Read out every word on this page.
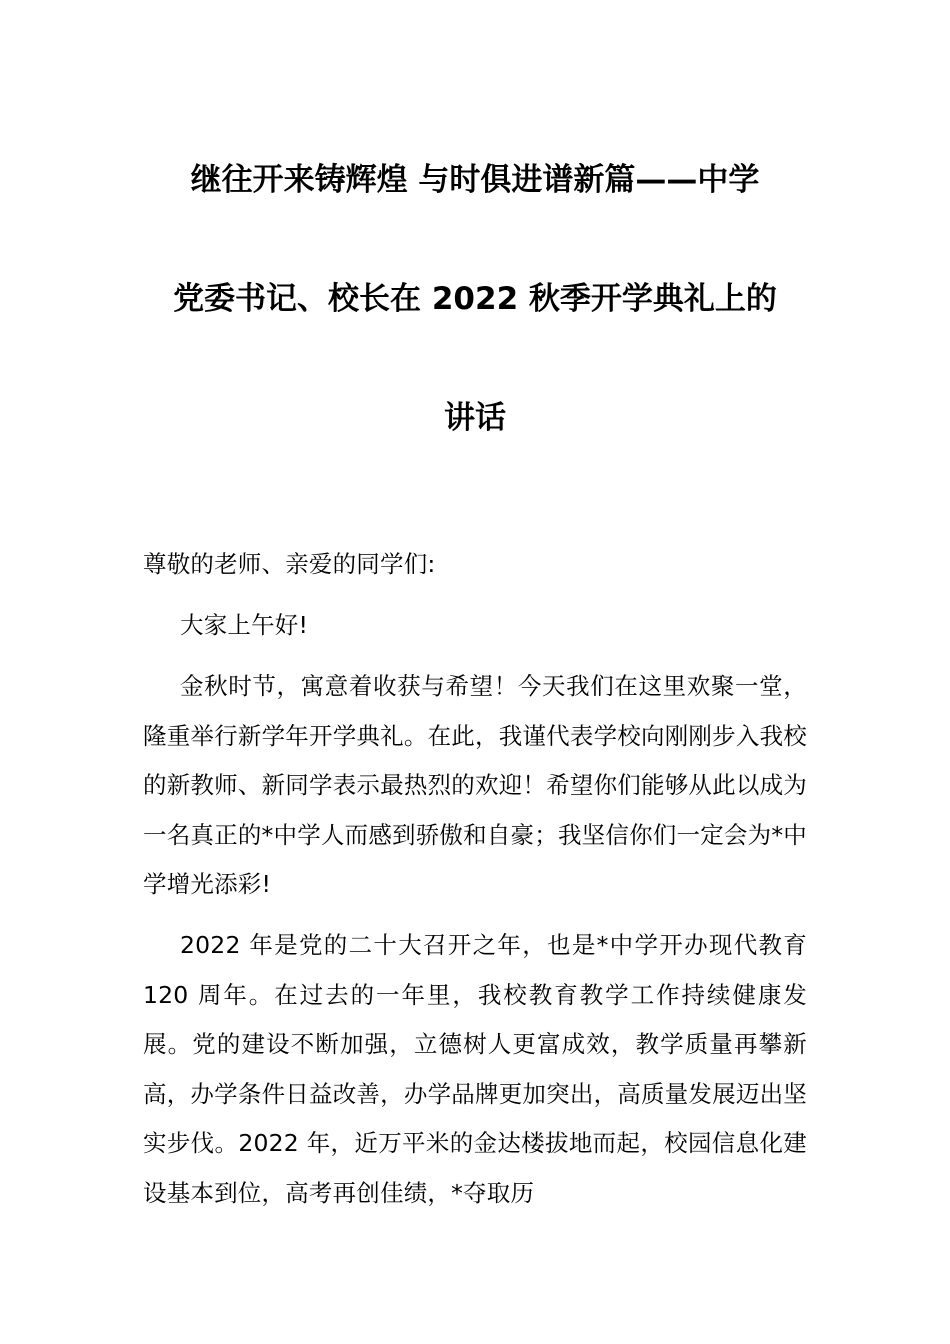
继往开来铸辉煌 与时俱进谱新篇——中学
党委书记、校长在 2022 秋季开学典礼上的
讲话

尊敬的老师、亲爱的同学们:

大家上午好!

金秋时节，寓意着收获与希望！今天我们在这里欢聚一堂，隆重举行新学年开学典礼。在此，我谨代表学校向刚刚步入我校的新教师、新同学表示最热烈的欢迎！希望你们能够从此以成为一名真正的*中学人而感到骄傲和自豪；我坚信你们一定会为*中学增光添彩!

2022 年是党的二十大召开之年，也是*中学开办现代教育 120 周年。在过去的一年里，我校教育教学工作持续健康发展。党的建设不断加强，立德树人更富成效，教学质量再攀新高，办学条件日益改善，办学品牌更加突出，高质量发展迈出坚实步伐。2022 年，近万平米的金达楼拔地而起，校园信息化建设基本到位，高考再创佳绩，*夺取历
